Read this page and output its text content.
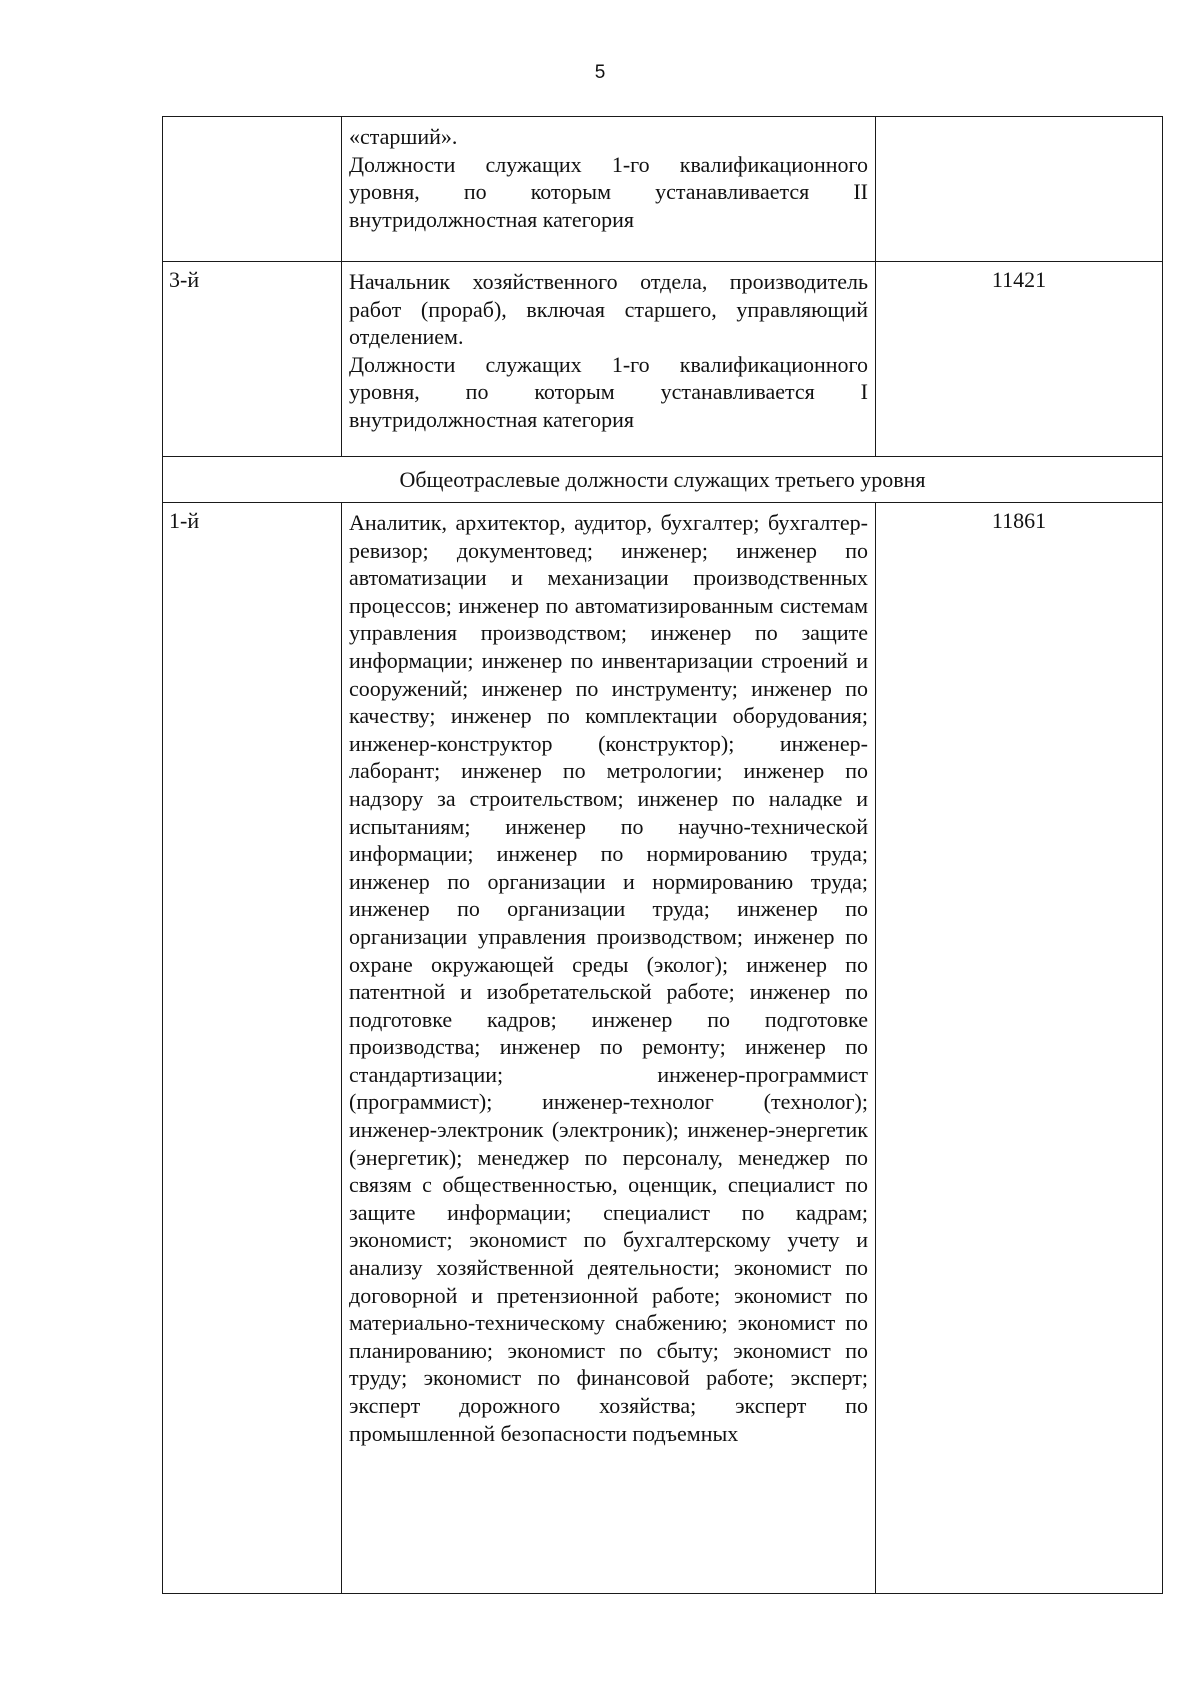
5

	«старший».

Должности служащих 1-го квалификационного уровня, по которым устанавливается II внутридолжностная категория	

3-й	Начальник хозяйственного отдела, производитель работ (прораб), включая старшего, управляющий отделением.

Должности служащих 1-го квалификационного уровня, по которым устанавливается I внутридолжностная категория	11421
Общеотраслевые должности служащих третьего уровня		
1-й	Аналитик, архитектор, аудитор, бухгалтер; бухгалтер-ревизор; документовед; инженер; инженер по автоматизации и механизации производственных процессов; инженер по автоматизированным системам управления производством; инженер по защите информации; инженер по инвентаризации строений и сооружений; инженер по инструменту; инженер по качеству; инженер по комплектации оборудования; инженер-конструктор (конструктор); инженер-лаборант; инженер по метрологии; инженер по надзору за строительством; инженер по наладке и испытаниям; инженер по научно-технической информации; инженер по нормированию труда; инженер по организации и нормированию труда; инженер по организации труда; инженер по организации управления производством; инженер по охране окружающей среды (эколог); инженер по патентной и изобретательской работе; инженер по подготовке кадров; инженер по подготовке производства; инженер по ремонту; инженер по стандартизации; инженер-программист (программист); инженер-технолог (технолог); инженер-электроник (электроник); инженер-энергетик (энергетик); менеджер по персоналу, менеджер по связям с общественностью, оценщик, специалист по защите информации; специалист по кадрам; экономист; экономист по бухгалтерскому учету и анализу хозяйственной деятельности; экономист по договорной и претензионной работе; экономист по материально-техническому снабжению; экономист по планированию; экономист по сбыту; экономист по труду; экономист по финансовой работе; эксперт; эксперт дорожного хозяйства; эксперт по промышленной безопасности подъемных	11861
